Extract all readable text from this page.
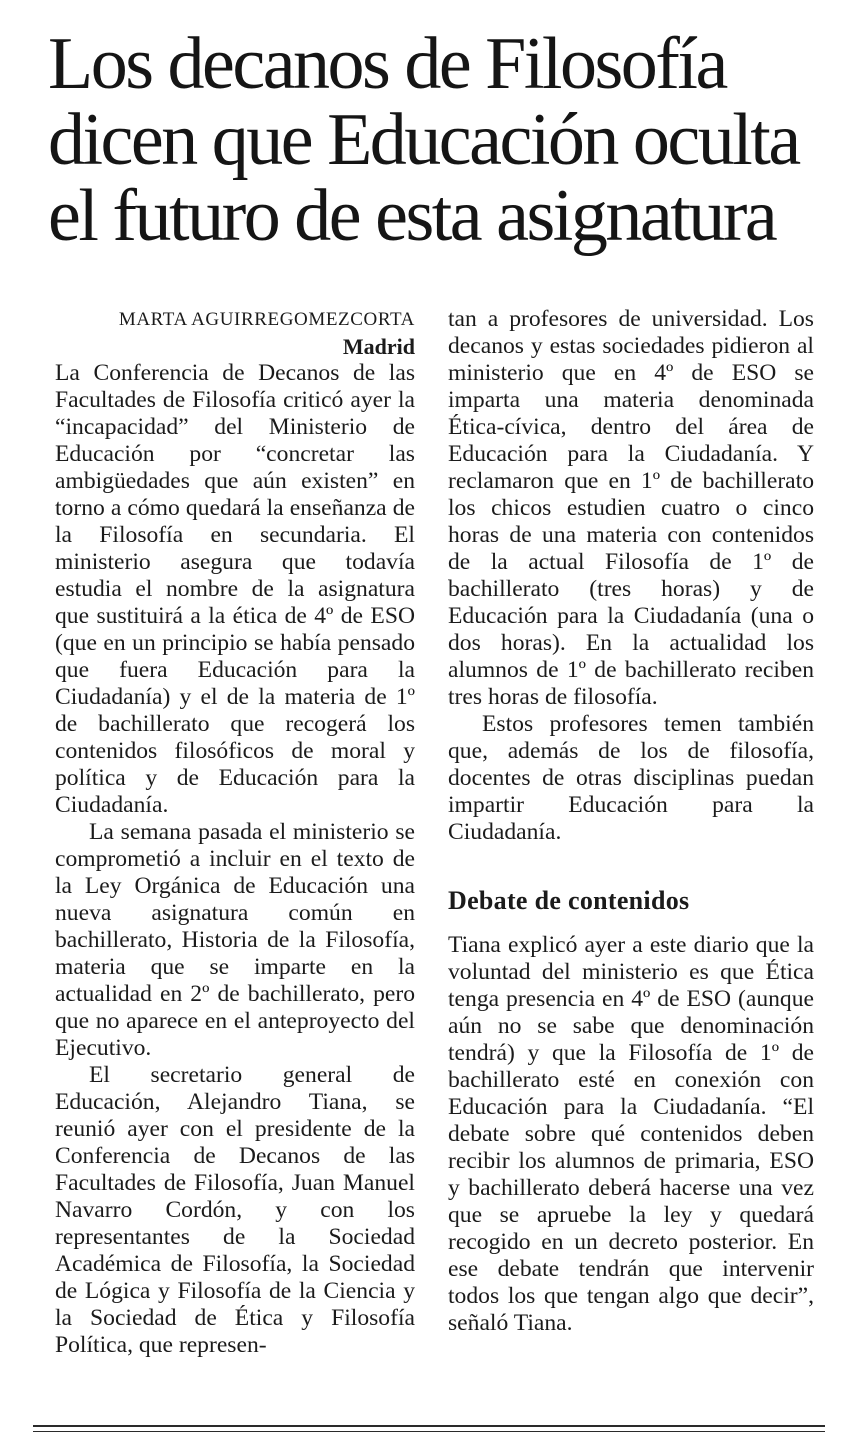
Los decanos de Filosofía
dicen que Educación oculta
el futuro de esta asignatura
MARTA AGUIRREGOMEZCORTA
Madrid

La Conferencia de Decanos de las Facultades de Filosofía criticó ayer la “incapacidad” del Ministerio de Educación por “concretar las ambigüedades que aún existen” en torno a cómo quedará la enseñanza de la Filosofía en secundaria. El ministerio asegura que todavía estudia el nombre de la asignatura que sustituirá a la ética de 4º de ESO (que en un principio se había pensado que fuera Educación para la Ciudadanía) y el de la materia de 1º de bachillerato que recogerá los contenidos filosóficos de moral y política y de Educación para la Ciudadanía.

La semana pasada el ministerio se comprometió a incluir en el texto de la Ley Orgánica de Educación una nueva asignatura común en bachillerato, Historia de la Filosofía, materia que se imparte en la actualidad en 2º de bachillerato, pero que no aparece en el anteproyecto del Ejecutivo.

El secretario general de Educación, Alejandro Tiana, se reunió ayer con el presidente de la Conferencia de Decanos de las Facultades de Filosofía, Juan Manuel Navarro Cordón, y con los representantes de la Sociedad Académica de Filosofía, la Sociedad de Lógica y Filosofía de la Ciencia y la Sociedad de Ética y Filosofía Política, que represen-

tan a profesores de universidad. Los decanos y estas sociedades pidieron al ministerio que en 4º de ESO se imparta una materia denominada Ética-cívica, dentro del área de Educación para la Ciudadanía. Y reclamaron que en 1º de bachillerato los chicos estudien cuatro o cinco horas de una materia con contenidos de la actual Filosofía de 1º de bachillerato (tres horas) y de Educación para la Ciudadanía (una o dos horas). En la actualidad los alumnos de 1º de bachillerato reciben tres horas de filosofía.

Estos profesores temen también que, además de los de filosofía, docentes de otras disciplinas puedan impartir Educación para la Ciudadanía.

Debate de contenidos

Tiana explicó ayer a este diario que la voluntad del ministerio es que Ética tenga presencia en 4º de ESO (aunque aún no se sabe que denominación tendrá) y que la Filosofía de 1º de bachillerato esté en conexión con Educación para la Ciudadanía. “El debate sobre qué contenidos deben recibir los alumnos de primaria, ESO y bachillerato deberá hacerse una vez que se apruebe la ley y quedará recogido en un decreto posterior. En ese debate tendrán que intervenir todos los que tengan algo que decir”, señaló Tiana.
